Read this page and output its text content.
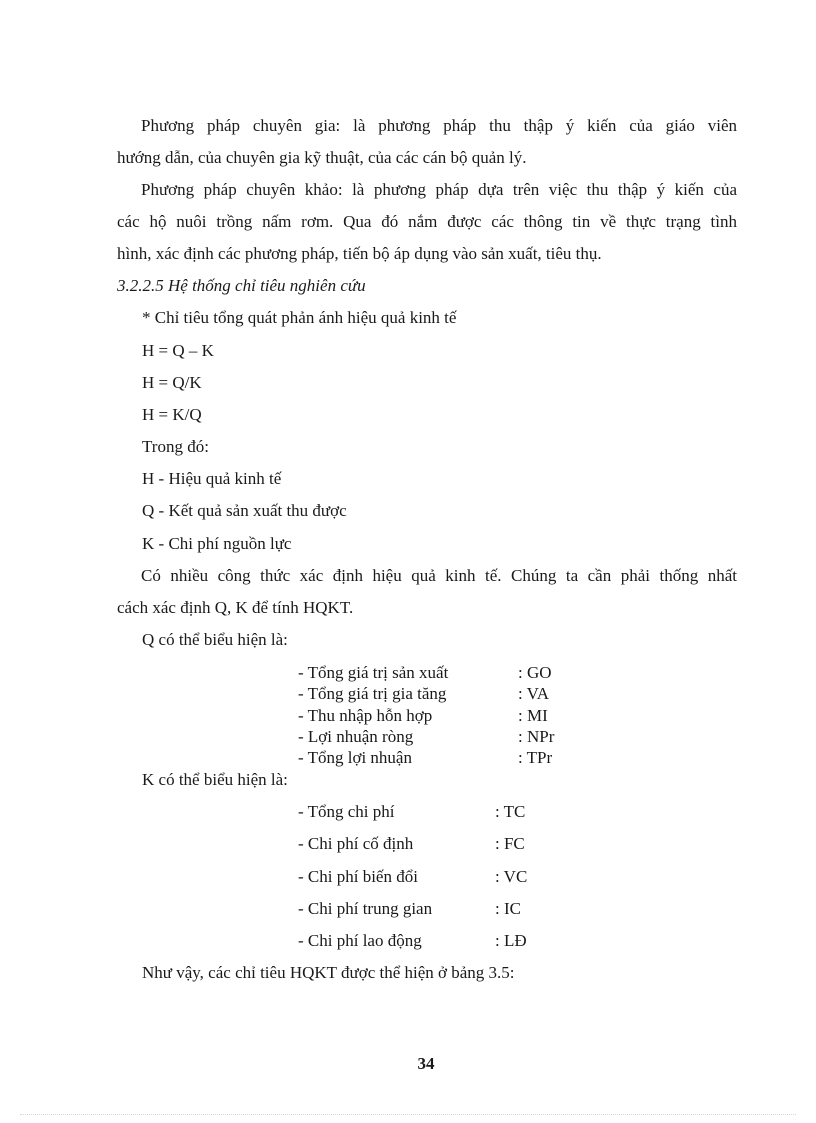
Phương pháp chuyên gia: là phương pháp thu thập ý kiến của giáo viên
hướng dẫn, của chuyên gia kỹ thuật, của các cán bộ quản lý.
Phương pháp chuyên khảo: là phương pháp dựa trên việc thu thập ý kiến của
các hộ nuôi trồng nấm rơm. Qua đó nắm được các thông tin về thực trạng tình
hình, xác định các phương pháp, tiến bộ áp dụng vào sản xuất, tiêu thụ.
3.2.2.5 Hệ thống chỉ tiêu nghiên cứu
* Chỉ tiêu tổng quát phản ánh hiệu quả kinh tế
H = Q – K
H = Q/K
H = K/Q
Trong đó:
H - Hiệu quả kinh tế
Q - Kết quả sản xuất thu được
K - Chi phí nguồn lực
Có nhiều công thức xác định hiệu quả kinh tế. Chúng ta cần phải thống nhất
cách xác định Q, K để tính HQKT.
Q có thể biểu hiện là:
- Tổng giá trị sản xuất	: GO
- Tổng giá trị gia tăng	: VA
- Thu nhập hỗn hợp	: MI
- Lợi nhuận ròng	: NPr
- Tổng lợi nhuận	: TPr
K có thể biểu hiện là:
- Tổng chi phí	: TC
- Chi phí cố định	: FC
- Chi phí biến đổi	: VC
- Chi phí trung gian	: IC
- Chi phí lao động	: LĐ
Như vậy, các chỉ tiêu HQKT được thể hiện ở bảng 3.5:
34
